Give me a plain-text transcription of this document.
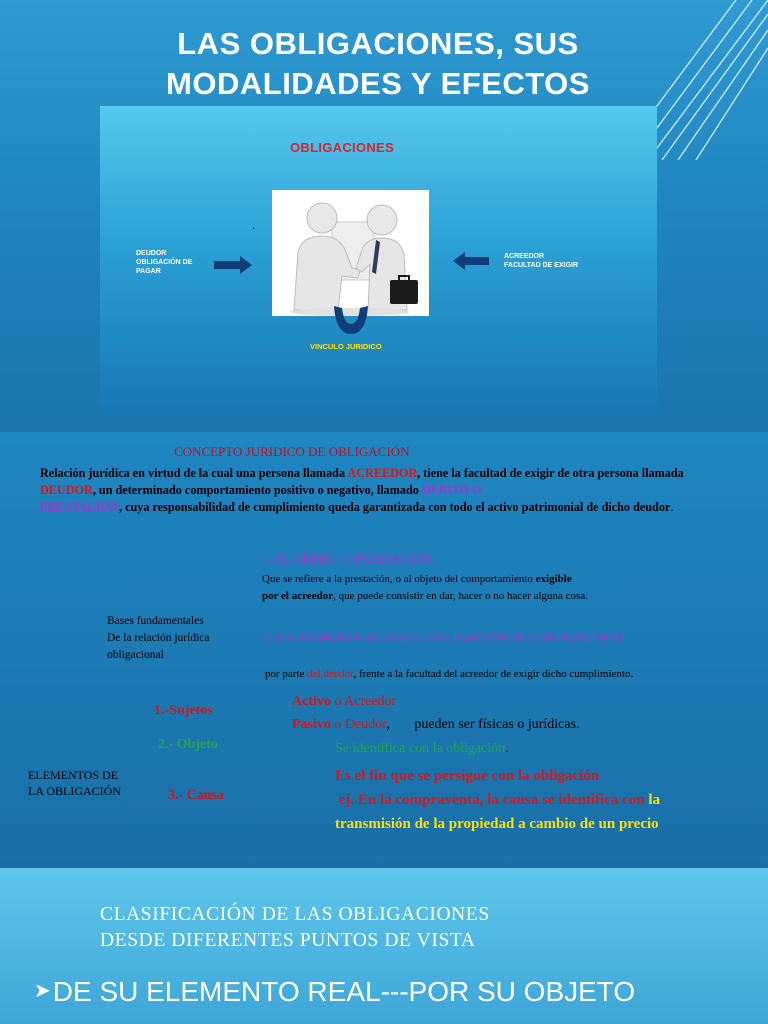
LAS OBLIGACIONES, SUS
MODALIDADES Y EFECTOS
OBLIGACIONES
.
DEUDOR
OBLIGACIÓN DE
PAGAR
ACREEDOR
FACULTAD DE EXIGIR
VINCULO JURIDICO
CONCEPTO JURIDICO DE OBLIGACIÓN
Relación jurídica en virtud de la cual una persona llamada ACREEDOR, tiene la facultad de exigir de otra persona llamada DEUDOR, un determinado comportamiento positivo o negativo, llamado DÉBITO O
PRESTACIÓN, cuya responsabilidad de cumplimiento queda garantizada con todo el activo patrimonial de dicho deudor.
1.-EL DÉBITO O PRESTACIÓN.
Que se refiere a la prestación, o al objeto del comportamiento exigible
por el acreedor, que puede consistir en dar, hacer o no hacer alguna cosa.
Bases fundamentales
De la relación jurídica
obligacional
2.-LA RESPONSABILIDAD U OBLIGACIÓN DE CUMPLIMIENTO
por parte del deudor, frente a la facultad del acreedor de exigir dicho cumplimiento.
1.-Sujetos
Activo o Acreedor
Pasivo o Deudor,       pueden ser físicas o jurídicas.
2.- Objeto	Se identifica con la obligación.
ELEMENTOS DE
LA OBLIGACIÓN	3.- Causa
Es el fin que se persigue con la obligación
ej. En la compraventa, la causa se identifica con la
transmisión de la propiedad a cambio de un precio
CLASIFICACIÓN DE LAS OBLIGACIONES
DESDE DIFERENTES PUNTOS DE VISTA
➤DE SU ELEMENTO REAL---POR SU OBJETO
